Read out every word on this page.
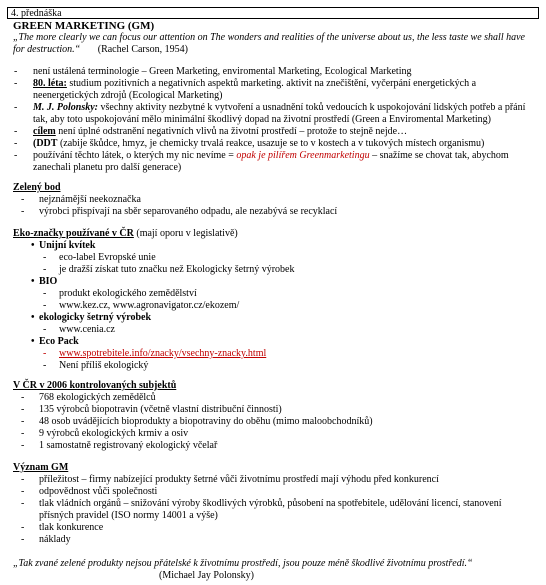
4. přednáška
GREEN MARKETING (GM)
„The more clearly we can focus our attention on The wonders and realities of the universe about us, the less taste we shall have for destruction.“ (Rachel Carson, 1954)
- není ustálená terminologie – Green Marketing, enviromental Marketing, Ecological Marketing
- 80. léta: studium pozitivních a negativních aspektů marketing. aktivit na znečištění, vyčerpání energetických a neenergetických zdrojů (Ecological Marketing)
- M. J. Polonsky: všechny aktivity nezbytné k vytvoření a usnadnění toků vedoucích k uspokojování lidských potřeb a přání tak, aby toto uspokojování mělo minimální škodlivý dopad na životní prostředí (Green a Enviromental Marketing)
- cílem není úplné odstranění negativních vlivů na životní prostředí – protože to stejně nejde…
- (DDT (zabije škůdce, hmyz, je chemicky trvalá reakce, usazuje se to v kostech a v tukových místech organismu)
- používání těchto látek, o kterých my nic nevíme = opak je pilířem Greenmarketingu – snažíme se chovat tak, abychom zanechali planetu pro další generace)
Zelený bod
- nejznámější neekoznačka
- výrobci přispívají na sběr separovaného odpadu, ale nezabývá se recyklací
Eko-značky používané v ČR (mají oporu v legislativě)
• Unijní kvítek
- eco-label Evropské unie
- je dražší získat tuto značku než Ekologicky šetrný výrobek
• BIO
- produkt ekologického zemědělství
- www.kez.cz, www.agronavigator.cz/ekozem/
• ekologicky šetrný výrobek
- www.cenia.cz
• Eco Pack
- www.spotrebitele.info/znacky/vsechny-znacky.html
- Není příliš ekologický
V ČR v 2006 kontrolovaných subjektů
- 768 ekologických zemědělců
- 135 výrobců biopotravin (včetně vlastní distribuční činnosti)
- 48 osob uvádějících bioprodukty a biopotraviny do oběhu (mimo maloobchodníků)
- 9 výrobců ekologických krmiv a osiv
- 1 samostatně registrovaný ekologický včelař
Význam GM
- příležitost – firmy nabízející produkty šetrné vůči životnímu prostředí mají výhodu před konkurencí
- odpovědnost vůči společnosti
- tlak vládních orgánů – snižování výroby škodlivých výrobků, působení na spotřebitele, udělování licencí, stanovení přísných pravidel (ISO normy 14001 a výše)
- tlak konkurence
- náklady
„Tak zvané zelené produkty nejsou přátelské k životnímu prostředí, jsou pouze méně škodlivé životnímu prostředí.“
(Michael Jay Polonsky)
